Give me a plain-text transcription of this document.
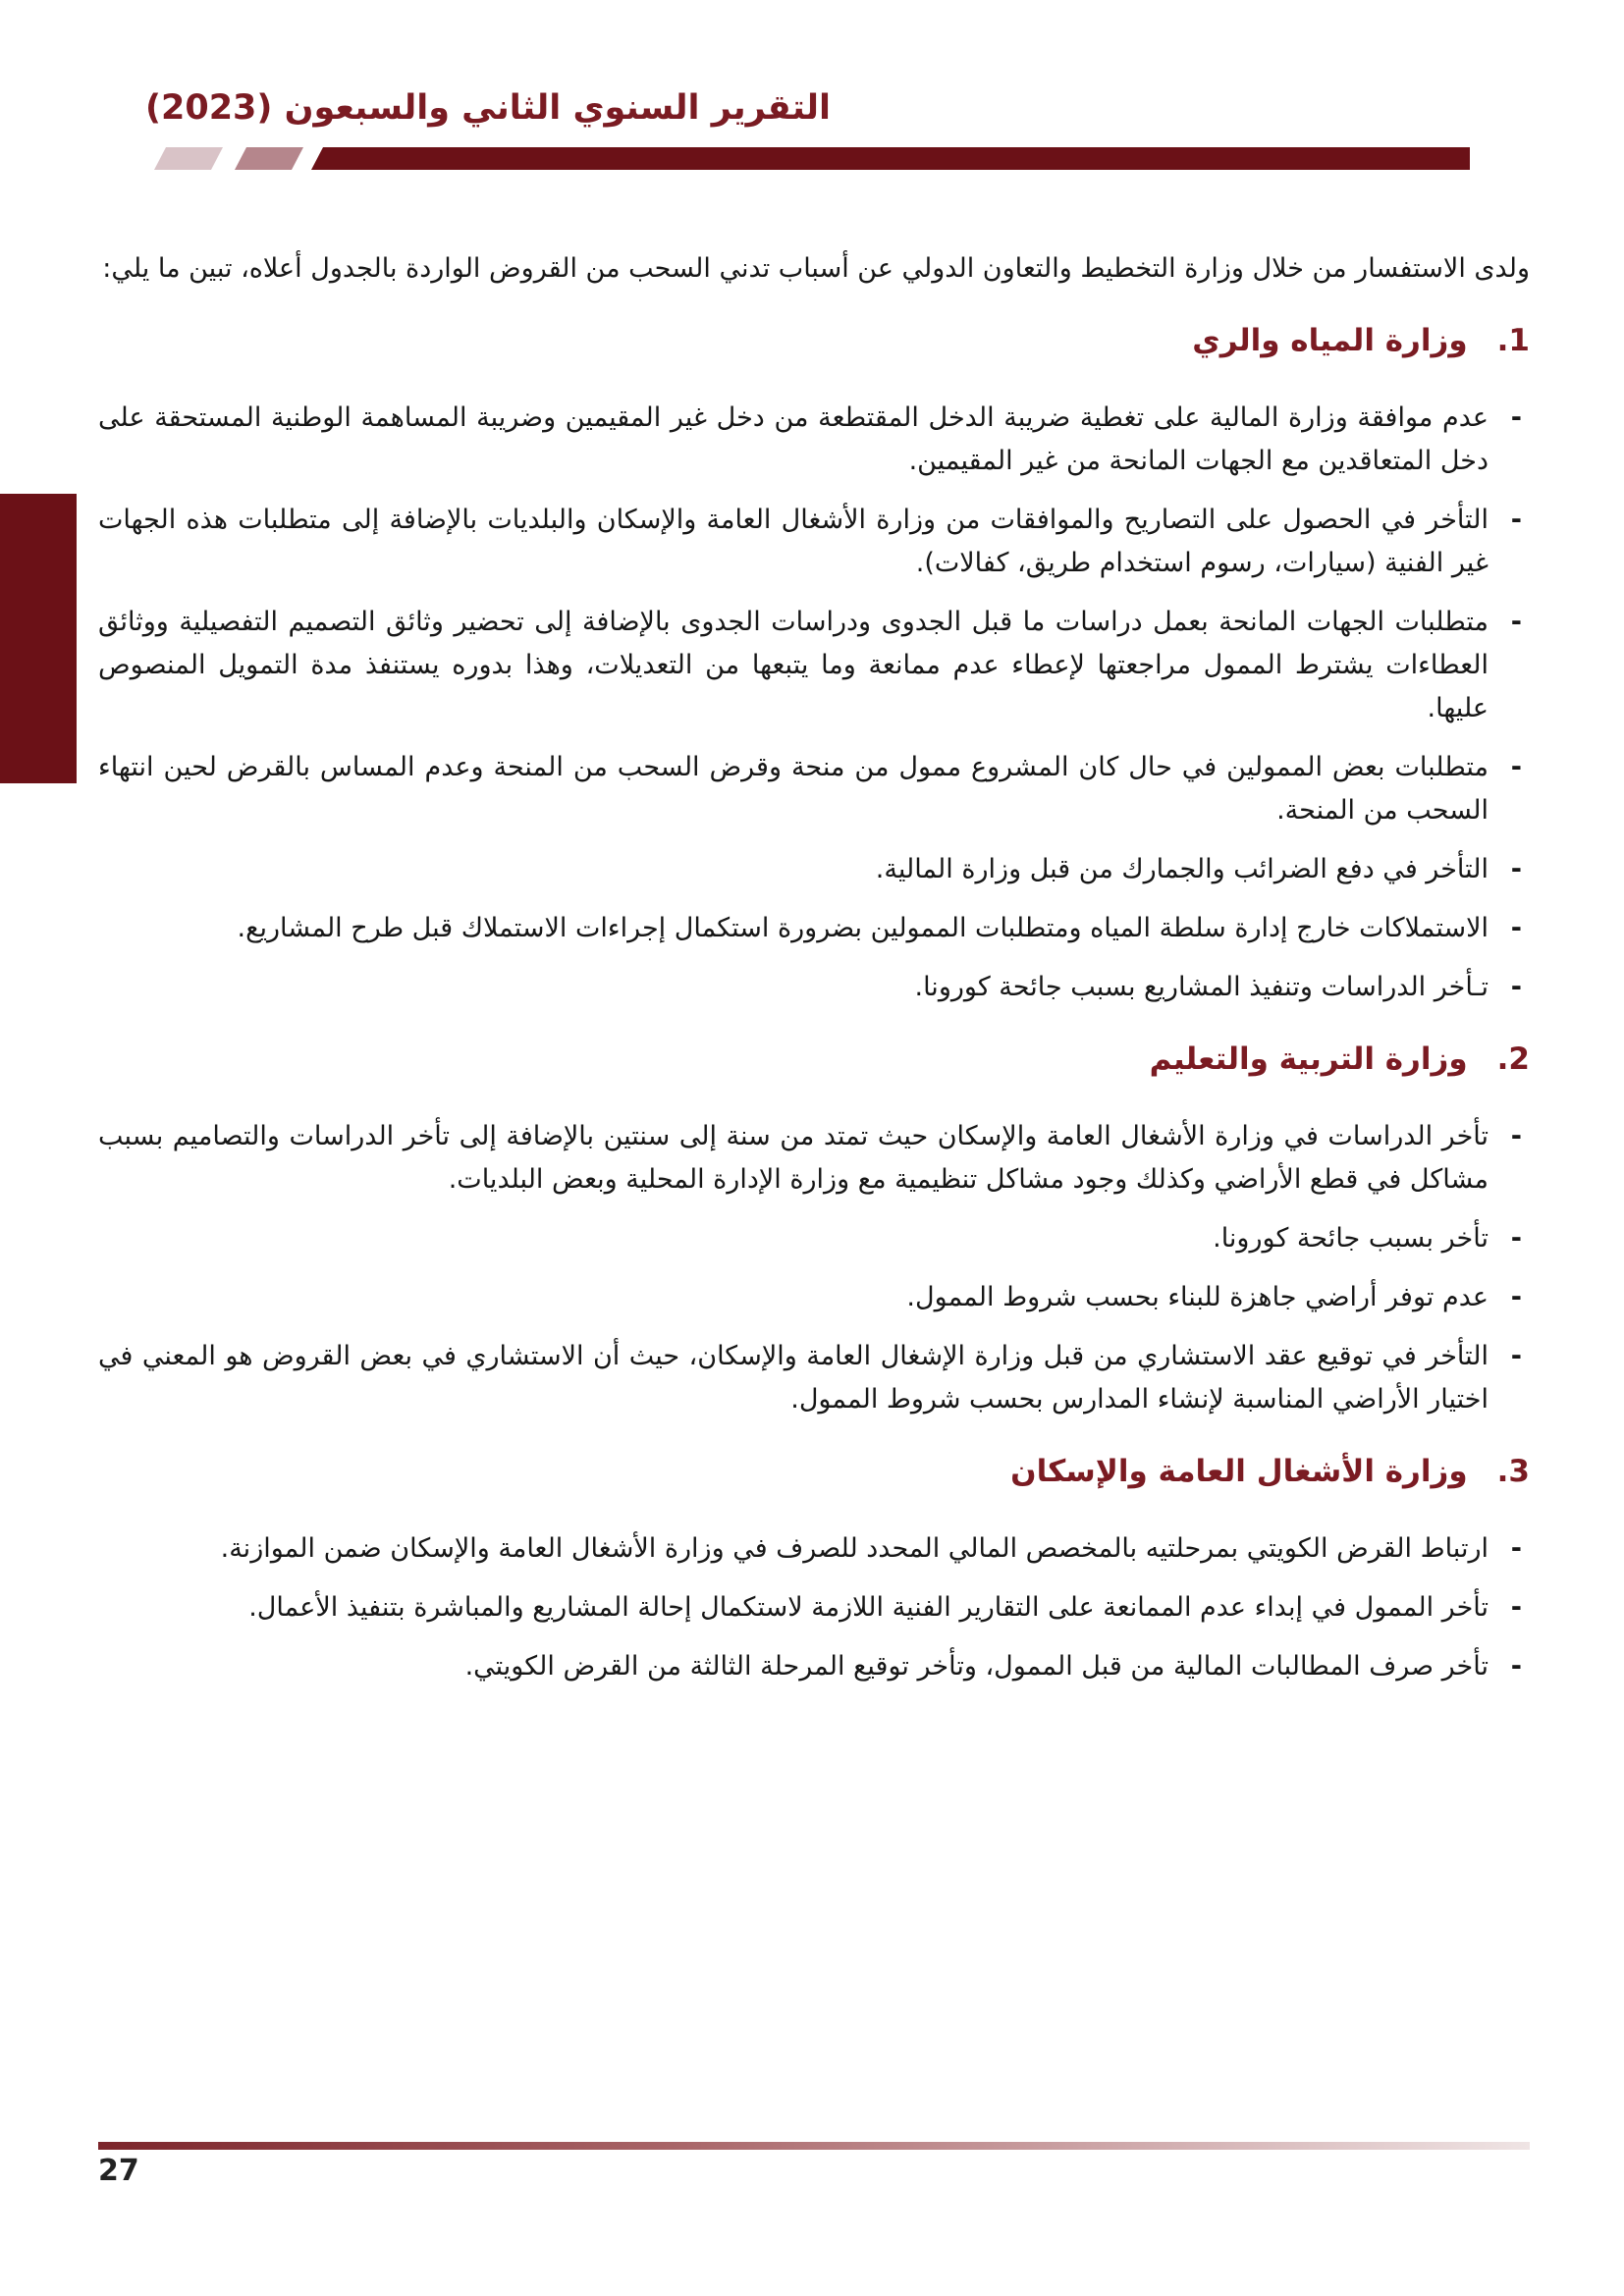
التقرير السنوي الثاني والسبعون (2023)

ولدى الاستفسار من خلال وزارة التخطيط والتعاون الدولي عن أسباب تدني السحب من القروض الواردة بالجدول أعلاه، تبين ما يلي:

1.
وزارة المياه والري
-
عدم موافقة وزارة المالية على تغطية ضريبة الدخل المقتطعة من دخل غير المقيمين وضريبة المساهمة الوطنية المستحقة على دخل المتعاقدين مع الجهات المانحة من غير المقيمين.
-
التأخر في الحصول على التصاريح والموافقات من وزارة الأشغال العامة والإسكان والبلديات بالإضافة إلى متطلبات هذه الجهات غير الفنية (سيارات، رسوم استخدام طريق، كفالات).
-
متطلبات الجهات المانحة بعمل دراسات ما قبل الجدوى ودراسات الجدوى بالإضافة إلى تحضير وثائق التصميم التفصيلية ووثائق العطاءات يشترط الممول مراجعتها لإعطاء عدم ممانعة وما يتبعها من التعديلات، وهذا بدوره يستنفذ مدة التمويل المنصوص عليها.
-
متطلبات بعض الممولين في حال كان المشروع ممول من منحة وقرض السحب من المنحة وعدم المساس بالقرض لحين انتهاء السحب من المنحة.
-
التأخر في دفع الضرائب والجمارك من قبل وزارة المالية.
-
الاستملاكات خارج إدارة سلطة المياه ومتطلبات الممولين بضرورة استكمال إجراءات الاستملاك قبل طرح المشاريع.
-
تـأخر الدراسات وتنفيذ المشاريع بسبب جائحة كورونا.
2.
وزارة التربية والتعليم
-
تأخر الدراسات في وزارة الأشغال العامة والإسكان حيث تمتد من سنة إلى سنتين بالإضافة إلى تأخر الدراسات والتصاميم بسبب مشاكل في قطع الأراضي وكذلك وجود مشاكل تنظيمية مع وزارة الإدارة المحلية وبعض البلديات.
-
تأخر بسبب جائحة كورونا.
-
عدم توفر أراضي جاهزة للبناء بحسب شروط الممول.
-
التأخر في توقيع عقد الاستشاري من قبل وزارة الإشغال العامة والإسكان، حيث أن الاستشاري في بعض القروض هو المعني في اختيار الأراضي المناسبة لإنشاء المدارس بحسب شروط الممول.
3.
وزارة الأشغال العامة والإسكان
-
ارتباط القرض الكويتي بمرحلتيه بالمخصص المالي المحدد للصرف في وزارة الأشغال العامة والإسكان ضمن الموازنة.
-
تأخر الممول في إبداء عدم الممانعة على التقارير الفنية اللازمة لاستكمال إحالة المشاريع والمباشرة بتنفيذ الأعمال.
-
تأخر صرف المطالبات المالية من قبل الممول، وتأخر توقيع المرحلة الثالثة من القرض الكويتي.
27
